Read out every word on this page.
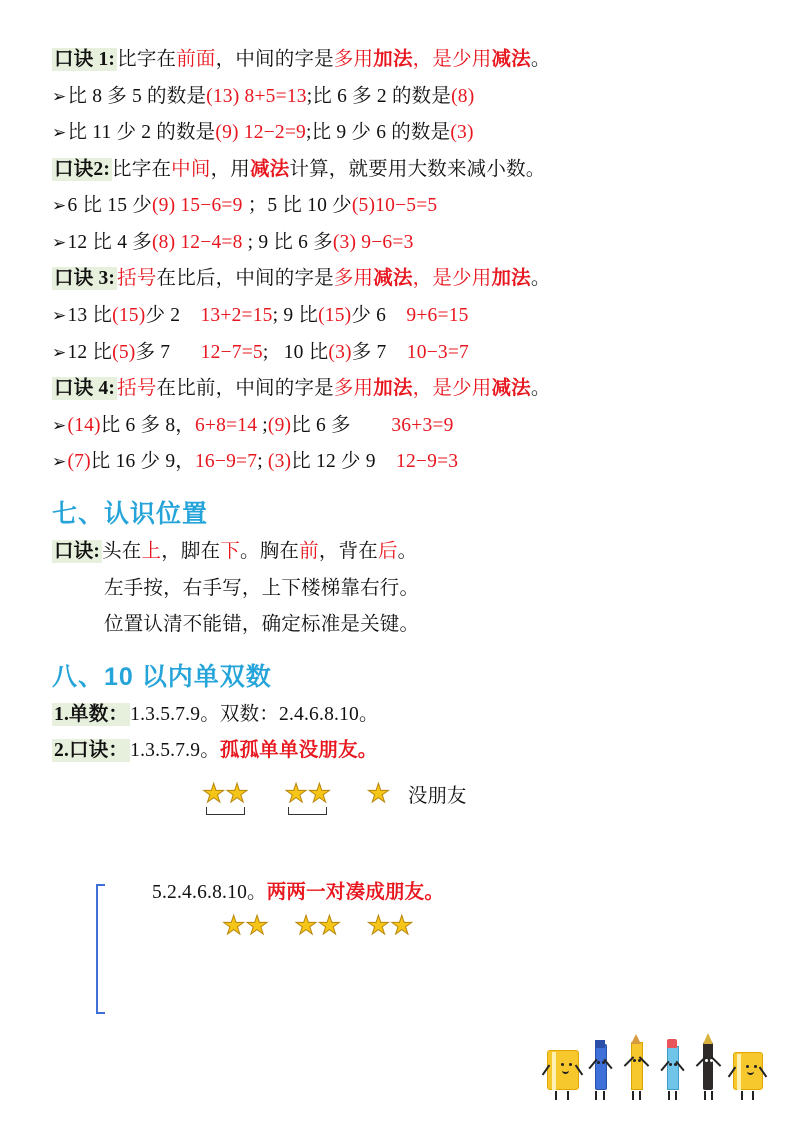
口诀 1: 比字在前面，中间的字是多用加法，是少用减法。
➢比 8 多 5 的数是(13) 8+5=13;比 6 多 2 的数是(8)
➢比 11 少 2 的数是(9) 12−2=9;比 9 少 6 的数是(3)
口诀2: 比字在中间，用减法计算，就要用大数来减小数。
➢6 比 15 少(9) 15−6=9 ；5 比 10 少(5)10−5=5
➢12 比 4 多(8) 12−4=8 ; 9 比 6 多(3) 9−6=3
口诀 3: 括号在比后，中间的字是多用减法，是少用加法。
➢13 比(15)少 2 13+2=15; 9 比(15)少 6 9+6=15
➢12 比(5)多 7 12−7=5;   10 比(3)多 7 10−3=7
口诀 4: 括号在比前，中间的字是多用加法，是少用减法。
➢(14)比 6 多 8，6+8=14 ;(9)比 6 多 36+3=9
➢(7)比 16 少 9，16−9=7; (3)比 12 少 9 12−9=3
七、认识位置
口诀: 头在上，脚在下。胸在前，背在后。
左手按，右手写，上下楼梯靠右行。
位置认清不能错，确定标准是关键。
八、10 以内单双数
1.单数： 1.3.5.7.9。双数：2.4.6.8.10。
2.口诀： 1.3.5.7.9。孤孤单单没朋友。
★★ ★★ ★ 没朋友
5.2.4.6.8.10。两两一对凑成朋友。
★★ ★★ ★★
